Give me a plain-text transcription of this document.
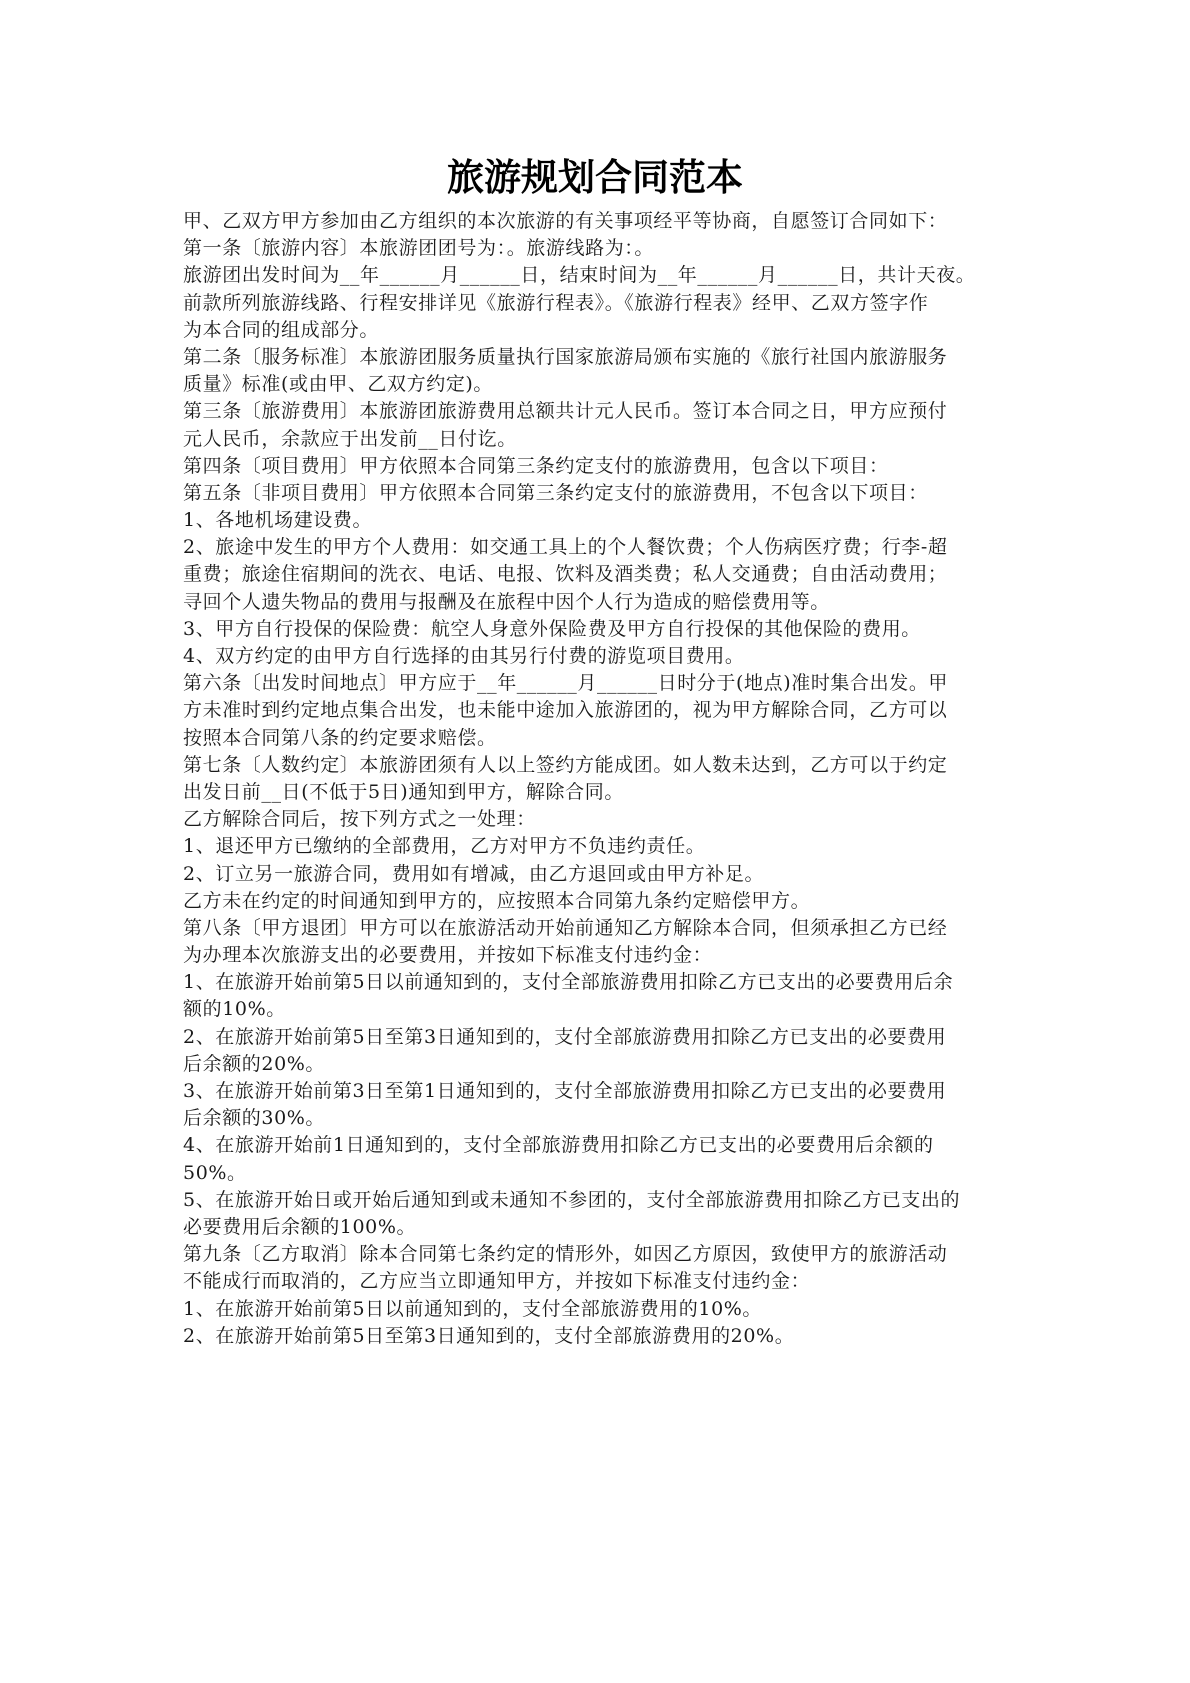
旅游规划合同范本
甲、乙双方甲方参加由乙方组织的本次旅游的有关事项经平等协商，自愿签订合同如下：
第一条〔旅游内容〕本旅游团团号为：。旅游线路为：。
旅游团出发时间为__年______月______日，结束时间为__年______月______日，共计天夜。
前款所列旅游线路、行程安排详见《旅游行程表》。《旅游行程表》经甲、乙双方签字作
为本合同的组成部分。
第二条〔服务标准〕本旅游团服务质量执行国家旅游局颁布实施的《旅行社国内旅游服务
质量》标准(或由甲、乙双方约定)。
第三条〔旅游费用〕本旅游团旅游费用总额共计元人民币。签订本合同之日，甲方应预付
元人民币，余款应于出发前__日付讫。
第四条〔项目费用〕甲方依照本合同第三条约定支付的旅游费用，包含以下项目：
第五条〔非项目费用〕甲方依照本合同第三条约定支付的旅游费用，不包含以下项目：
1、各地机场建设费。
2、旅途中发生的甲方个人费用：如交通工具上的个人餐饮费；个人伤病医疗费；行李-超
重费；旅途住宿期间的洗衣、电话、电报、饮料及酒类费；私人交通费；自由活动费用；
寻回个人遗失物品的费用与报酬及在旅程中因个人行为造成的赔偿费用等。
3、甲方自行投保的保险费：航空人身意外保险费及甲方自行投保的其他保险的费用。
4、双方约定的由甲方自行选择的由其另行付费的游览项目费用。
第六条〔出发时间地点〕甲方应于__年______月______日时分于(地点)准时集合出发。甲
方未准时到约定地点集合出发，也未能中途加入旅游团的，视为甲方解除合同，乙方可以
按照本合同第八条的约定要求赔偿。
第七条〔人数约定〕本旅游团须有人以上签约方能成团。如人数未达到，乙方可以于约定
出发日前__日(不低于5日)通知到甲方，解除合同。
乙方解除合同后，按下列方式之一处理：
1、退还甲方已缴纳的全部费用，乙方对甲方不负违约责任。
2、订立另一旅游合同，费用如有增减，由乙方退回或由甲方补足。
乙方未在约定的时间通知到甲方的，应按照本合同第九条约定赔偿甲方。
第八条〔甲方退团〕甲方可以在旅游活动开始前通知乙方解除本合同，但须承担乙方已经
为办理本次旅游支出的必要费用，并按如下标准支付违约金：
1、在旅游开始前第5日以前通知到的，支付全部旅游费用扣除乙方已支出的必要费用后余
额的10%。
2、在旅游开始前第5日至第3日通知到的，支付全部旅游费用扣除乙方已支出的必要费用
后余额的20%。
3、在旅游开始前第3日至第1日通知到的，支付全部旅游费用扣除乙方已支出的必要费用
后余额的30%。
4、在旅游开始前1日通知到的，支付全部旅游费用扣除乙方已支出的必要费用后余额的
50%。
5、在旅游开始日或开始后通知到或未通知不参团的，支付全部旅游费用扣除乙方已支出的
必要费用后余额的100%。
第九条〔乙方取消〕除本合同第七条约定的情形外，如因乙方原因，致使甲方的旅游活动
不能成行而取消的，乙方应当立即通知甲方，并按如下标准支付违约金：
1、在旅游开始前第5日以前通知到的，支付全部旅游费用的10%。
2、在旅游开始前第5日至第3日通知到的，支付全部旅游费用的20%。
